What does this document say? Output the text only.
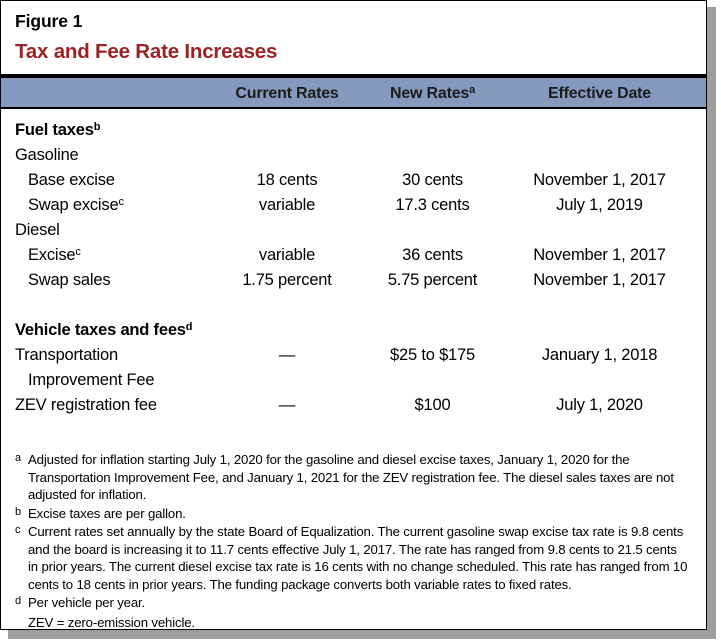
Figure 1
Tax and Fee Rate Increases
	Current Rates	New Rates$^a$	Effective Date
Fuel taxes$^b$			
Gasoline			
Base excise	18 cents	30 cents	November 1, 2017
Swap excise$^c$	variable	17.3 cents	July 1, 2019
Diesel			
Excise$^c$	variable	36 cents	November 1, 2017
Swap sales	1.75 percent	5.75 percent	November 1, 2017

Vehicle taxes and fees$^d$			
Transportation	—	$25 to $175	January 1, 2018
Improvement Fee			
ZEV registration fee	—	$100	July 1, 2020

a Adjusted for inflation starting July 1, 2020 for the gasoline and diesel excise taxes, January 1, 2020 for the Transportation Improvement Fee, and January 1, 2021 for the ZEV registration fee. The diesel sales taxes are not adjusted for inflation.
b Excise taxes are per gallon.
c Current rates set annually by the state Board of Equalization. The current gasoline swap excise tax rate is 9.8 cents and the board is increasing it to 11.7 cents effective July 1, 2017. The rate has ranged from 9.8 cents to 21.5 cents in prior years. The current diesel excise tax rate is 16 cents with no change scheduled. This rate has ranged from 10 cents to 18 cents in prior years. The funding package converts both variable rates to fixed rates.
d Per vehicle per year.
ZEV = zero-emission vehicle.
